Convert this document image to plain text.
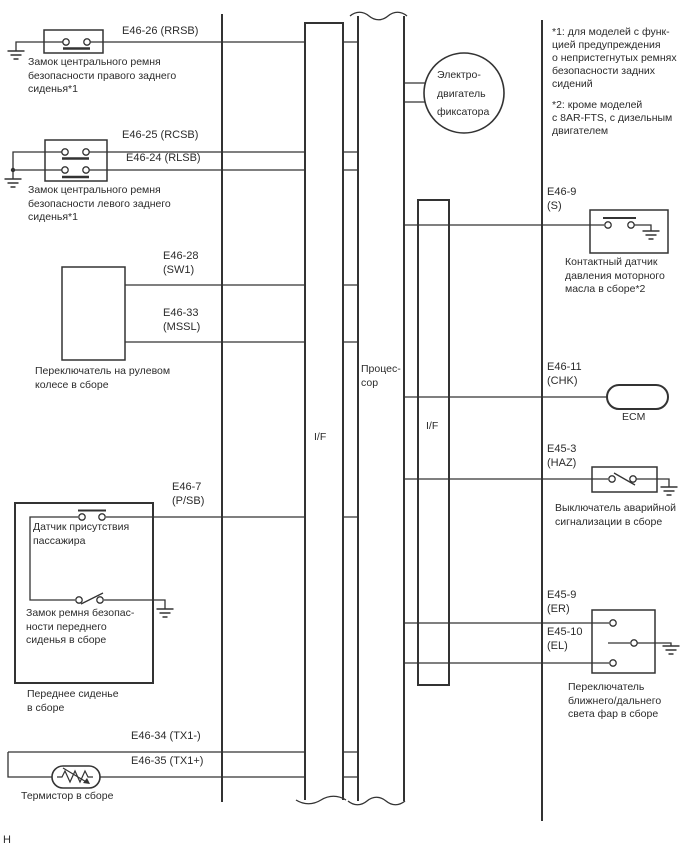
E46-26 (RRSB)
E46-25 (RCSB)
E46-24 (RLSB)
E46-28
(SW1)
E46-33
(MSSL)
E46-7
(P/SB)
E46-34 (TX1-)
E46-35 (TX1+)
E46-9
(S)
E46-11
(CHK)
E45-3
(HAZ)
E45-9
(ER)
E45-10
(EL)
Замок центрального ремня
безопасности правого заднего
сиденья*1
Замок центрального ремня
безопасности левого заднего
сиденья*1
Переключатель на рулевом
колесе в сборе
Датчик присутствия
пассажира
Замок ремня безопас-
ности переднего
сиденья в сборе
Переднее сиденье
в сборе
Термистор в сборе
Электро-
двигатель
фиксатора
Процес-
сор
I/F
I/F
Контактный датчик
давления моторного
масла в сборе*2
ECM
Выключатель аварийной
сигнализации в сборе
Переключатель
ближнего/дальнего
света фар в сборе
*1: для моделей с функ-
цией предупреждения
о непристегнутых ремнях
безопасности задних
сидений
*2: кроме моделей
с 8AR-FTS, с дизельным
двигателем
H
